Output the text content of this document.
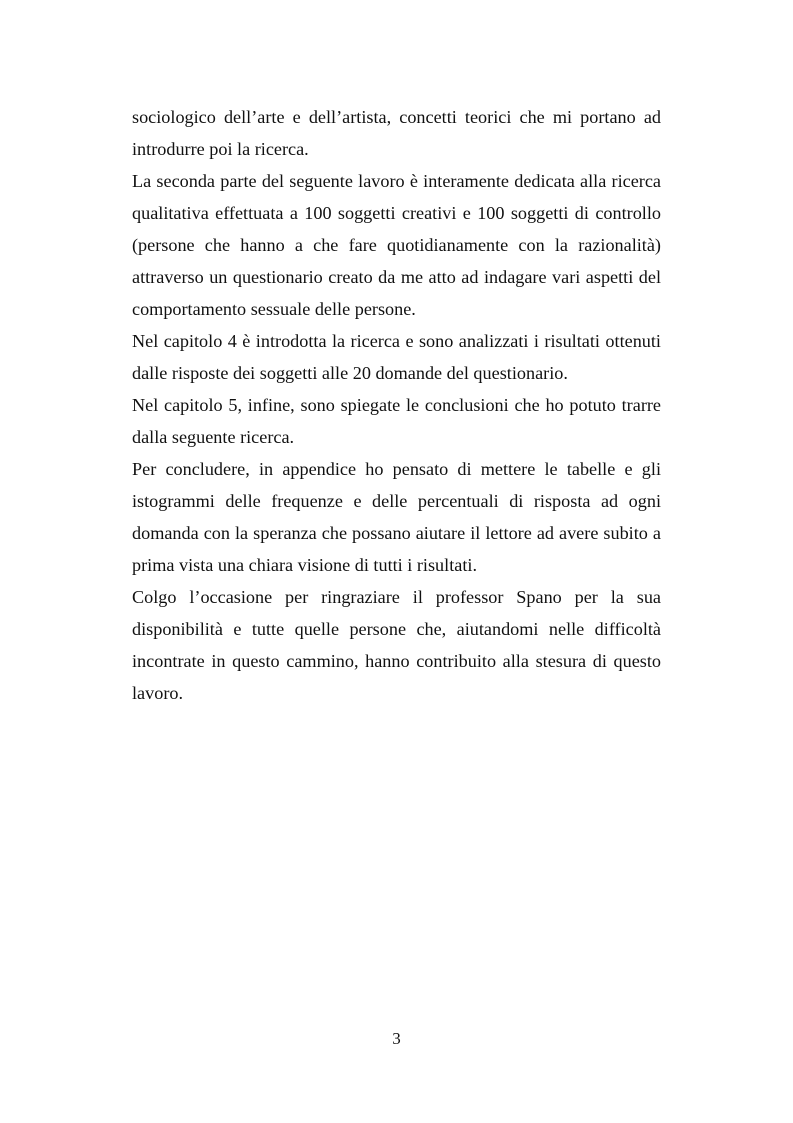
sociologico dell’arte e dell’artista, concetti teorici che mi portano ad introdurre poi la ricerca.

La seconda parte del seguente lavoro è interamente dedicata alla ricerca qualitativa effettuata a 100 soggetti creativi e 100 soggetti di controllo (persone che hanno a che fare quotidianamente con la razionalità) attraverso un questionario creato da me atto ad indagare vari aspetti del comportamento sessuale delle persone.

Nel capitolo 4 è introdotta la ricerca e sono analizzati i risultati ottenuti dalle risposte dei soggetti alle 20 domande del questionario.

Nel capitolo 5, infine, sono spiegate le conclusioni che ho potuto trarre dalla seguente ricerca.

Per concludere, in appendice ho pensato di mettere le tabelle e gli istogrammi delle frequenze e delle percentuali di risposta ad ogni domanda con la speranza che possano aiutare il lettore ad avere subito a prima vista una chiara visione di tutti i risultati.

Colgo l’occasione per ringraziare il professor Spano per la sua disponibilità e tutte quelle persone che, aiutandomi nelle difficoltà incontrate in questo cammino, hanno contribuito alla stesura di questo lavoro.

3
